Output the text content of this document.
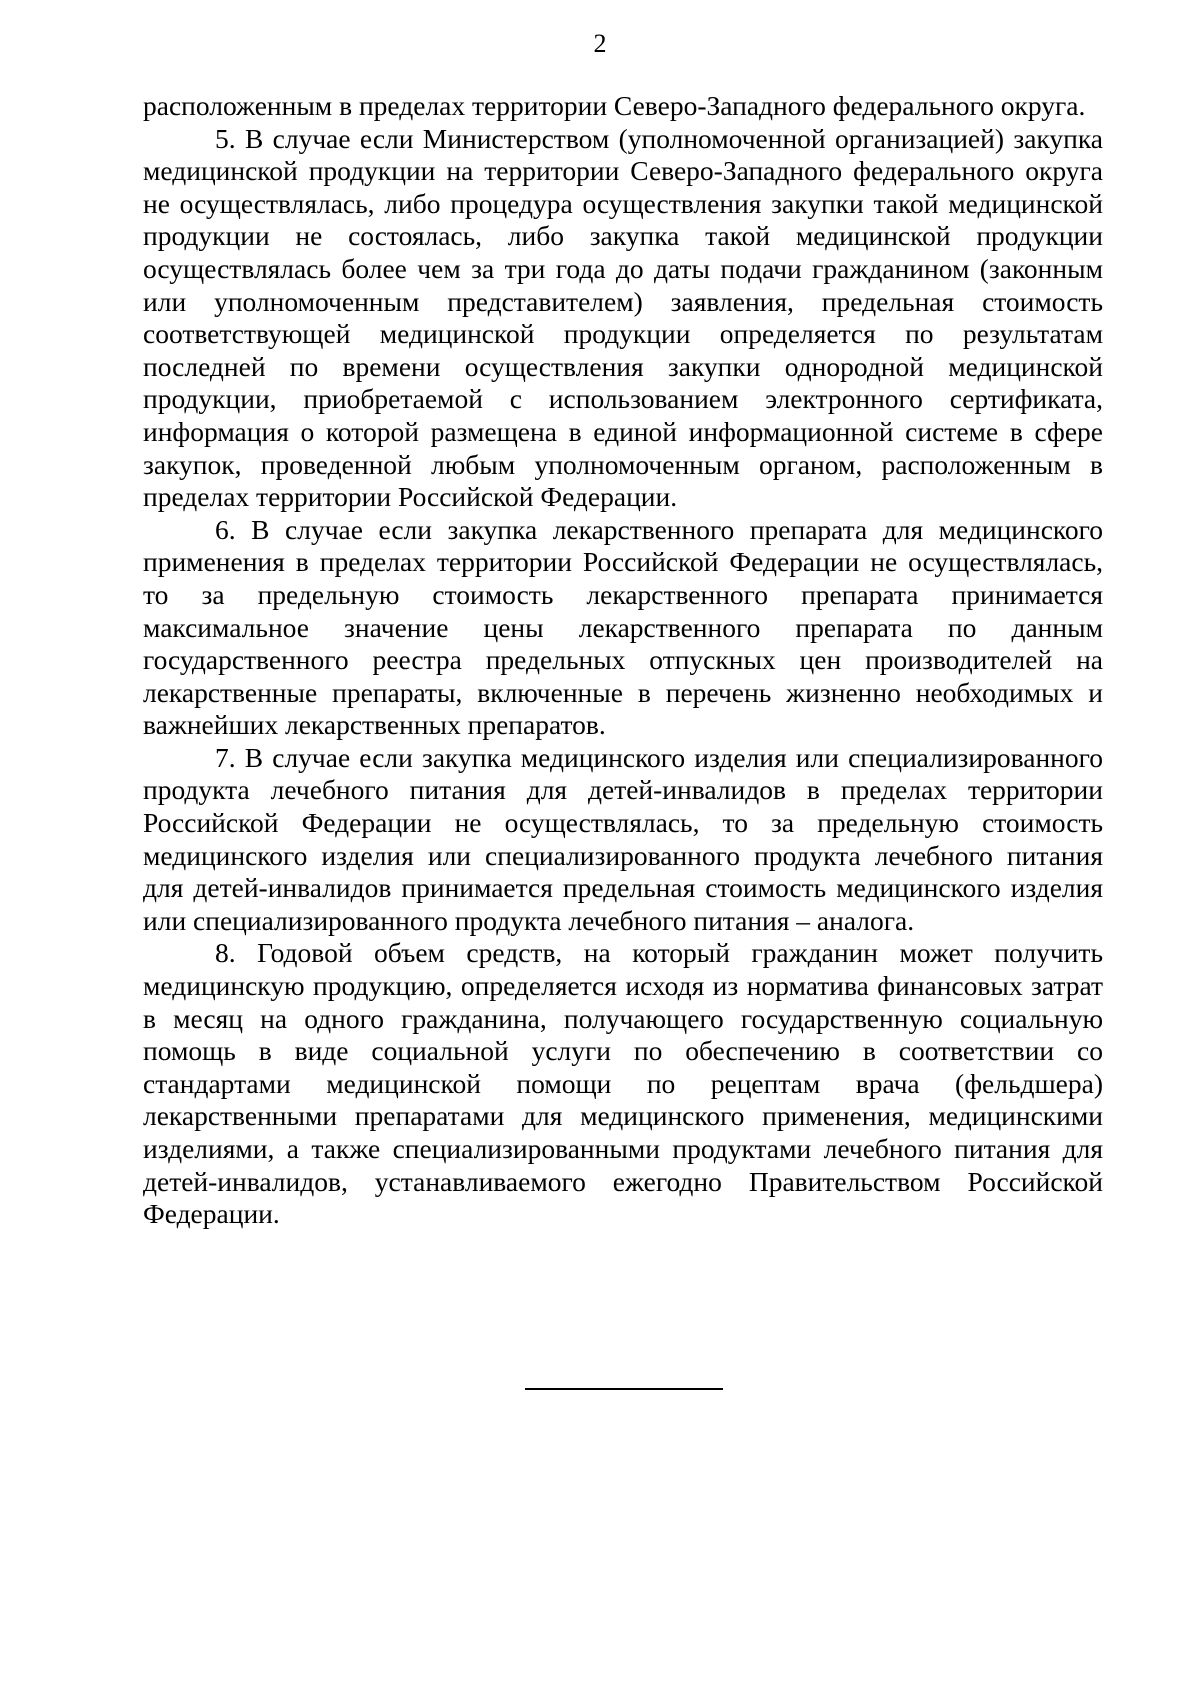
2

расположенным в пределах территории Северо-Западного федерального округа.

5. В случае если Министерством (уполномоченной организацией) закупка медицинской продукции на территории Северо-Западного федерального округа не осуществлялась, либо процедура осуществления закупки такой медицинской продукции не состоялась, либо закупка такой медицинской продукции осуществлялась более чем за три года до даты подачи гражданином (законным или уполномоченным представителем) заявления, предельная стоимость соответствующей медицинской продукции определяется по результатам последней по времени осуществления закупки однородной медицинской продукции, приобретаемой с использованием электронного сертификата, информация о которой размещена в единой информационной системе в сфере закупок, проведенной любым уполномоченным органом, расположенным в пределах территории Российской Федерации.

6. В случае если закупка лекарственного препарата для медицинского применения в пределах территории Российской Федерации не осуществлялась, то за предельную стоимость лекарственного препарата принимается максимальное значение цены лекарственного препарата по данным государственного реестра предельных отпускных цен производителей на лекарственные препараты, включенные в перечень жизненно необходимых и важнейших лекарственных препаратов.

7. В случае если закупка медицинского изделия или специализированного продукта лечебного питания для детей-инвалидов в пределах территории Российской Федерации не осуществлялась, то за предельную стоимость медицинского изделия или специализированного продукта лечебного питания для детей-инвалидов принимается предельная стоимость медицинского изделия или специализированного продукта лечебного питания – аналога.

8. Годовой объем средств, на который гражданин может получить медицинскую продукцию, определяется исходя из норматива финансовых затрат в месяц на одного гражданина, получающего государственную социальную помощь в виде социальной услуги по обеспечению в соответствии со стандартами медицинской помощи по рецептам врача (фельдшера) лекарственными препаратами для медицинского применения, медицинскими изделиями, а также специализированными продуктами лечебного питания для детей-инвалидов, устанавливаемого ежегодно Правительством Российской Федерации.
